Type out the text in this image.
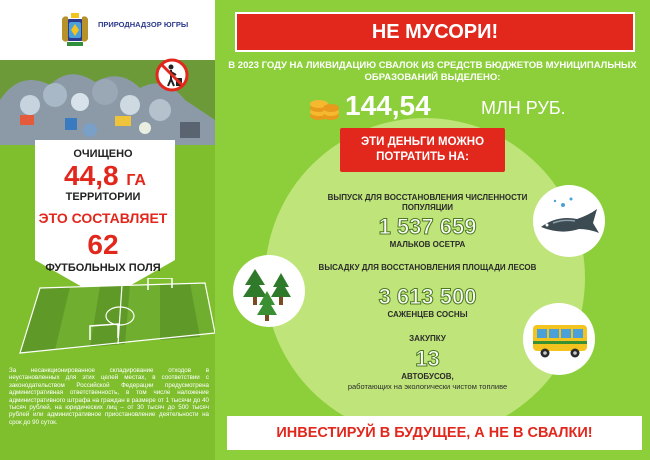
ПРИРОДНАДЗОР ЮГРЫ
ОЧИЩЕНО
44,8 ГА
ТЕРРИТОРИИ
ЭТО СОСТАВЛЯЕТ
62
ФУТБОЛЬНЫХ ПОЛЯ
За несанкционированное складирование отходов в неустановленных для этих целей местах, в соответствии с законодательством Российской Федерации предусмотрена административная ответственность, в том числе наложение административного штрафа на граждан в размере от 1 тысячи до 40 тысяч рублей, на юридических лиц – от 30 тысяч до 500 тысяч рублей или административное приостановление деятельности на срок до 90 суток.
НЕ МУСОРИ!
В 2023 ГОДУ НА ЛИКВИДАЦИЮ СВАЛОК ИЗ СРЕДСТВ БЮДЖЕТОВ МУНИЦИПАЛЬНЫХ ОБРАЗОВАНИЙ ВЫДЕЛЕНО:
144,54	МЛН РУБ.
ЭТИ ДЕНЬГИ МОЖНО ПОТРАТИТЬ НА:
ВЫПУСК ДЛЯ ВОССТАНОВЛЕНИЯ ЧИСЛЕННОСТИ ПОПУЛЯЦИИ
1 537 659
МАЛЬКОВ ОСЕТРА
ВЫСАДКУ ДЛЯ ВОССТАНОВЛЕНИЯ ПЛОЩАДИ ЛЕСОВ
3 613 500
САЖЕНЦЕВ СОСНЫ
ЗАКУПКУ
13
АВТОБУСОВ,
работающих на экологически чистом топливе
ИНВЕСТИРУЙ В БУДУЩЕЕ, А НЕ В СВАЛКИ!
